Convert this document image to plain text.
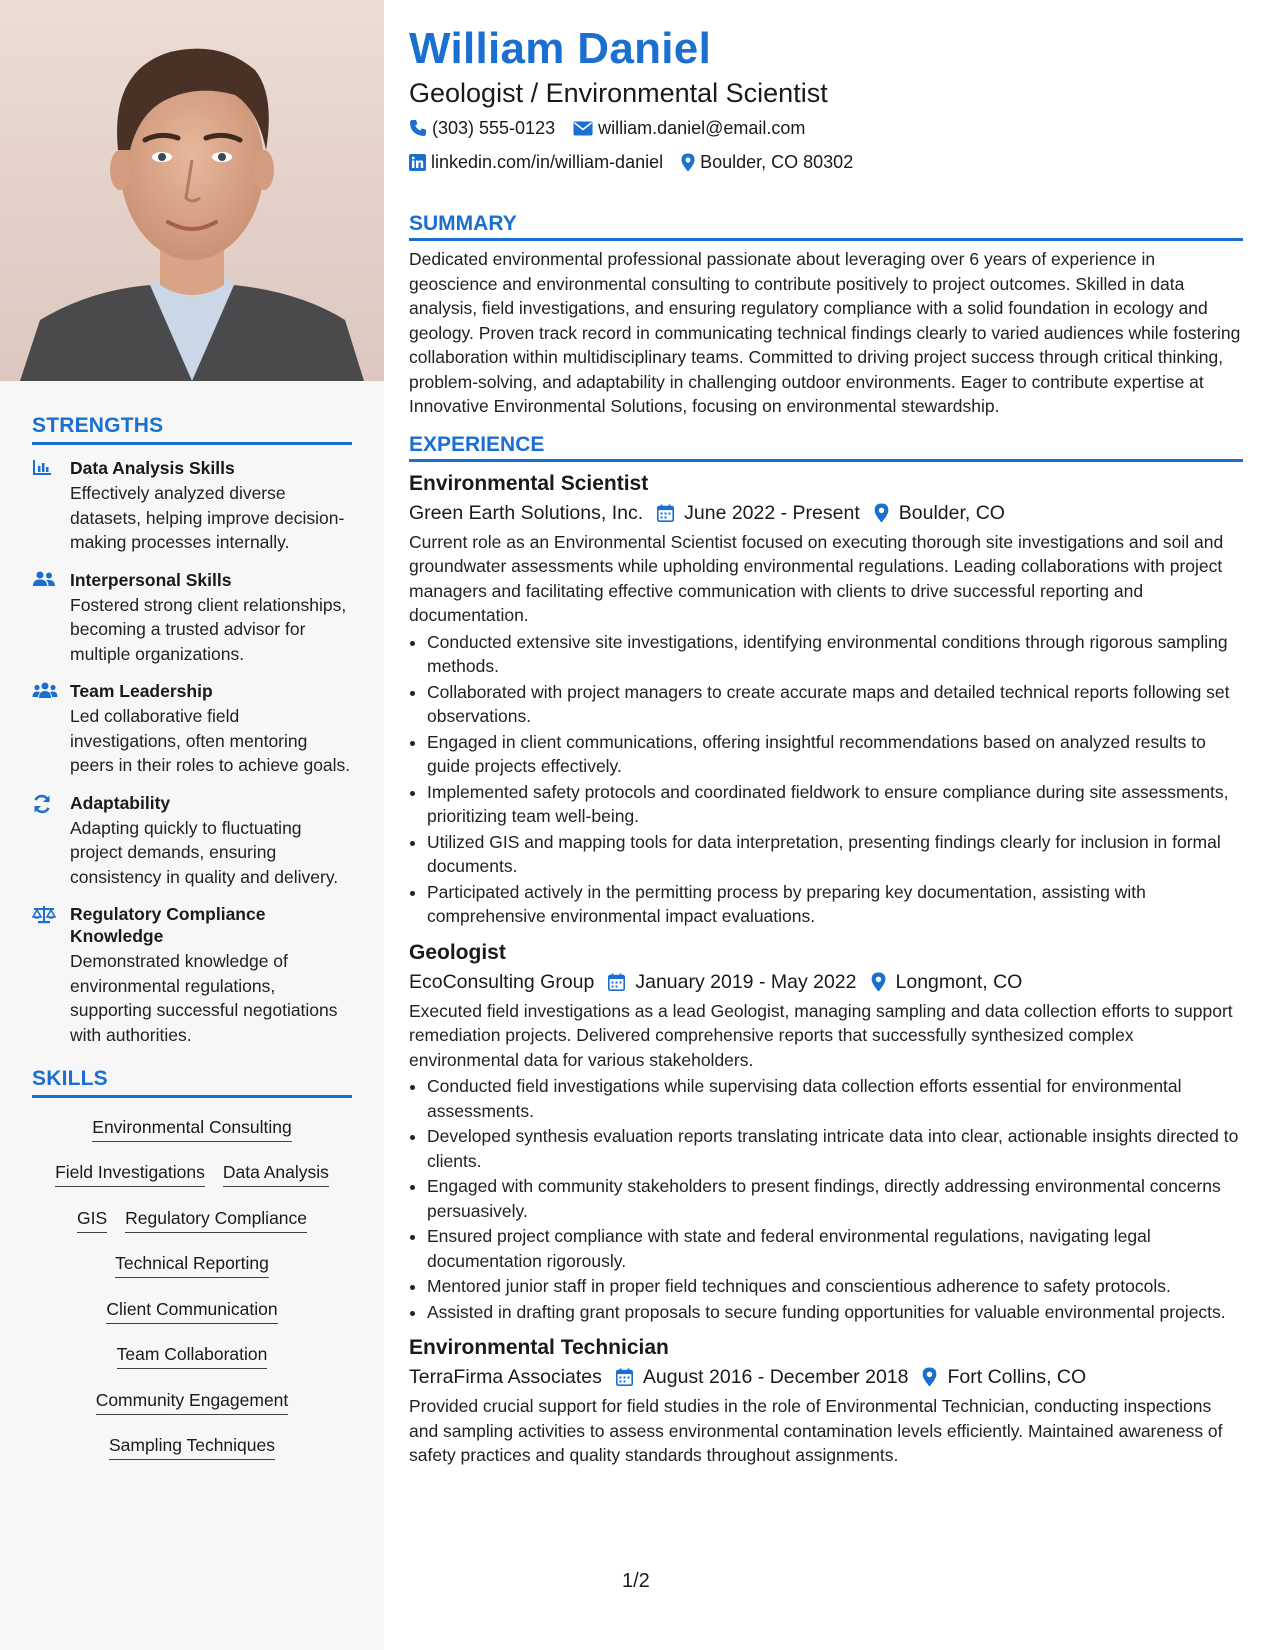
STRENGTHS
Data Analysis Skills
Effectively analyzed diverse datasets, helping improve decision-making processes internally.
Interpersonal Skills
Fostered strong client relationships, becoming a trusted advisor for multiple organizations.
Team Leadership
Led collaborative field investigations, often mentoring peers in their roles to achieve goals.
Adaptability
Adapting quickly to fluctuating project demands, ensuring consistency in quality and delivery.
Regulatory Compliance Knowledge
Demonstrated knowledge of environmental regulations, supporting successful negotiations with authorities.
SKILLS
Environmental Consulting
Field Investigations Data Analysis
GIS Regulatory Compliance
Technical Reporting
Client Communication
Team Collaboration
Community Engagement
Sampling Techniques
William Daniel
Geologist / Environmental Scientist
(303) 555-0123 william.daniel@email.com
linkedin.com/in/william-daniel Boulder, CO 80302
SUMMARY
Dedicated environmental professional passionate about leveraging over 6 years of experience in geoscience and environmental consulting to contribute positively to project outcomes. Skilled in data analysis, field investigations, and ensuring regulatory compliance with a solid foundation in ecology and geology. Proven track record in communicating technical findings clearly to varied audiences while fostering collaboration within multidisciplinary teams. Committed to driving project success through critical thinking, problem-solving, and adaptability in challenging outdoor environments. Eager to contribute expertise at Innovative Environmental Solutions, focusing on environmental stewardship.
EXPERIENCE
Environmental Scientist
Green Earth Solutions, Inc. June 2022 - Present Boulder, CO
Current role as an Environmental Scientist focused on executing thorough site investigations and soil and groundwater assessments while upholding environmental regulations. Leading collaborations with project managers and facilitating effective communication with clients to drive successful reporting and documentation.
• Conducted extensive site investigations, identifying environmental conditions through rigorous sampling methods.
• Collaborated with project managers to create accurate maps and detailed technical reports following set observations.
• Engaged in client communications, offering insightful recommendations based on analyzed results to guide projects effectively.
• Implemented safety protocols and coordinated fieldwork to ensure compliance during site assessments, prioritizing team well-being.
• Utilized GIS and mapping tools for data interpretation, presenting findings clearly for inclusion in formal documents.
• Participated actively in the permitting process by preparing key documentation, assisting with comprehensive environmental impact evaluations.
Geologist
EcoConsulting Group January 2019 - May 2022 Longmont, CO
Executed field investigations as a lead Geologist, managing sampling and data collection efforts to support remediation projects. Delivered comprehensive reports that successfully synthesized complex environmental data for various stakeholders.
• Conducted field investigations while supervising data collection efforts essential for environmental assessments.
• Developed synthesis evaluation reports translating intricate data into clear, actionable insights directed to clients.
• Engaged with community stakeholders to present findings, directly addressing environmental concerns persuasively.
• Ensured project compliance with state and federal environmental regulations, navigating legal documentation rigorously.
• Mentored junior staff in proper field techniques and conscientious adherence to safety protocols.
• Assisted in drafting grant proposals to secure funding opportunities for valuable environmental projects.
Environmental Technician
TerraFirma Associates August 2016 - December 2018 Fort Collins, CO
Provided crucial support for field studies in the role of Environmental Technician, conducting inspections and sampling activities to assess environmental contamination levels efficiently. Maintained awareness of safety practices and quality standards throughout assignments.
1/2
